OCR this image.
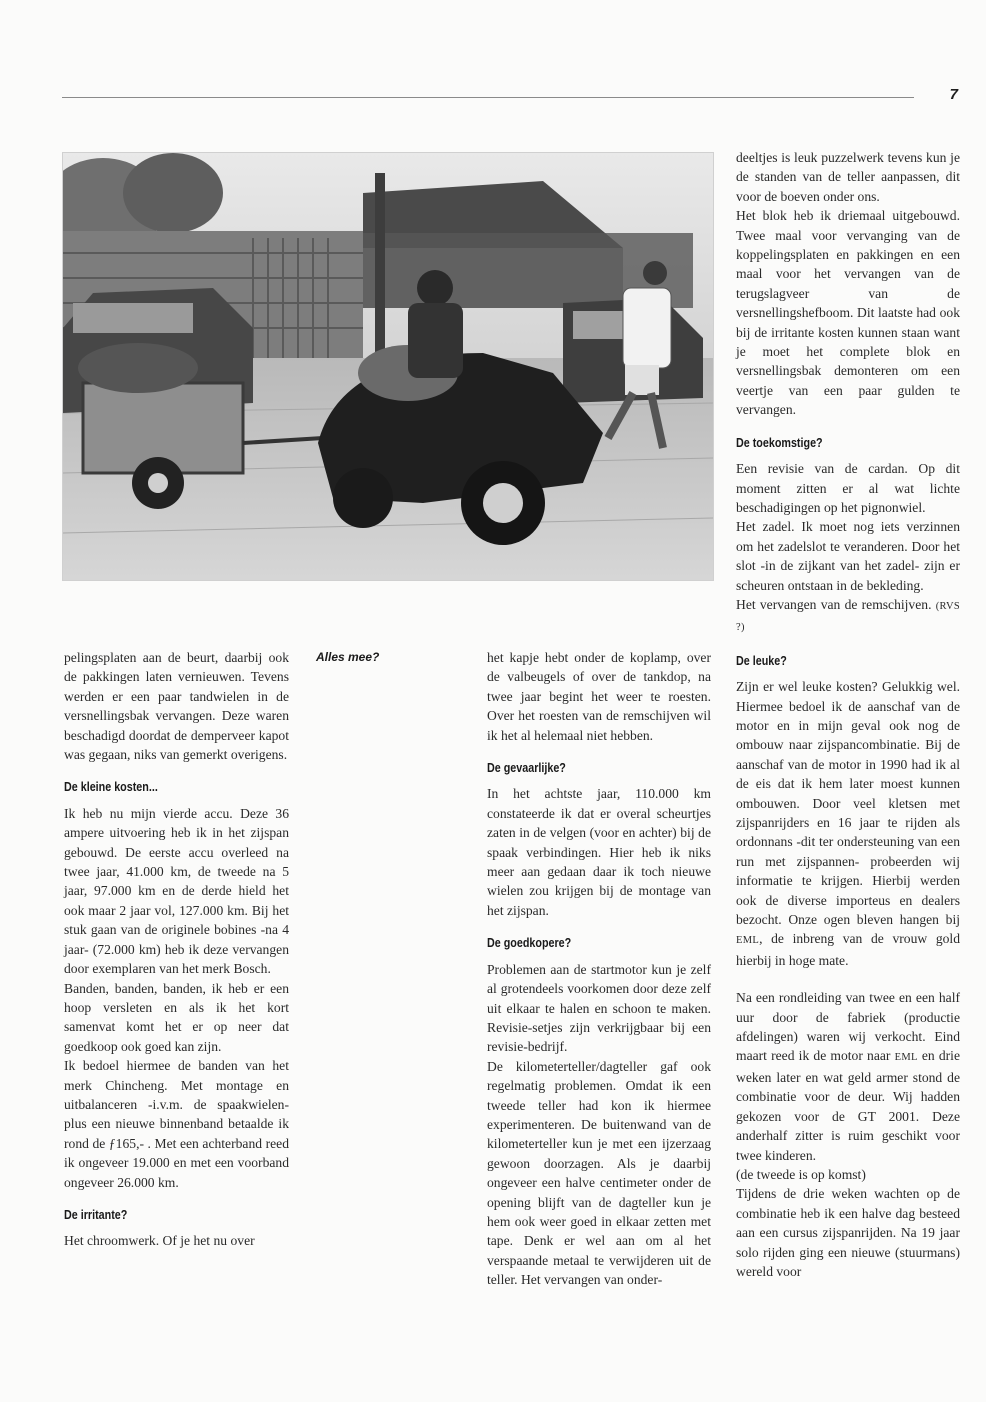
7

pelingsplaten aan de beurt, daarbij ook de pakkingen laten vernieuwen. Tevens werden er een paar tandwielen in de versnellingsbak vervangen. Deze waren beschadigd doordat de demperveer kapot was gegaan, niks van gemerkt overigens.

De kleine kosten...

Ik heb nu mijn vierde accu. Deze 36 ampere uitvoering heb ik in het zijspan gebouwd. De eerste accu overleed na twee jaar, 41.000 km, de tweede na 5 jaar, 97.000 km en de derde hield het ook maar 2 jaar vol, 127.000 km. Bij het stuk gaan van de originele bobines -na 4 jaar- (72.000 km) heb ik deze vervangen door exemplaren van het merk Bosch.

Banden, banden, banden, ik heb er een hoop versleten en als ik het kort samenvat komt het er op neer dat goedkoop ook goed kan zijn.

Ik bedoel hiermee de banden van het merk Chincheng. Met montage en uitbalanceren -i.v.m. de spaakwielen- plus een nieuwe binnenband betaalde ik rond de ƒ165,- . Met een achterband reed ik ongeveer 19.000 en met een voorband ongeveer 26.000 km.

De irritante?

Het chroomwerk. Of je het nu over

Alles mee?	het kapje hebt onder de koplamp, over de valbeugels of over de tankdop, na twee jaar begint het weer te roesten. Over het roesten van de remschijven wil ik het al helemaal niet hebben.

De gevaarlijke?

In het achtste jaar, 110.000 km constateerde ik dat er overal scheurtjes zaten in de velgen (voor en achter) bij de spaak verbindingen. Hier heb ik niks meer aan gedaan daar ik toch nieuwe wielen zou krijgen bij de montage van het zijspan.

De goedkopere?

Problemen aan de startmotor kun je zelf al grotendeels voorkomen door deze zelf uit elkaar te halen en schoon te maken. Revisie-setjes zijn verkrijgbaar bij een revisie-bedrijf.

De kilometerteller/dagteller gaf ook regelmatig problemen. Omdat ik een tweede teller had kon ik hiermee experimenteren. De buitenwand van de kilometerteller kun je met een ijzerzaag gewoon doorzagen. Als je daarbij ongeveer een halve centimeter onder de opening blijft van de dagteller kun je hem ook weer goed in elkaar zetten met tape. Denk er wel aan om al het verspaande metaal te verwijderen uit de teller. Het vervangen van onder-

deeltjes is leuk puzzelwerk tevens kun je de standen van de teller aanpassen, dit voor de boeven onder ons.

Het blok heb ik driemaal uitgebouwd. Twee maal voor vervanging van de koppelingsplaten en pakkingen en een maal voor het vervangen van de terugslagveer van de versnellingshefboom. Dit laatste had ook bij de irritante kosten kunnen staan want je moet het complete blok en versnellingsbak demonteren om een veertje van een paar gulden te vervangen.

De toekomstige?

Een revisie van de cardan. Op dit moment zitten er al wat lichte beschadigingen op het pignonwiel.

Het zadel. Ik moet nog iets verzinnen om het zadelslot te veranderen. Door het slot -in de zijkant van het zadel- zijn er scheuren ontstaan in de bekleding.

Het vervangen van de remschijven. (RVS ?)

De leuke?

Zijn er wel leuke kosten? Gelukkig wel. Hiermee bedoel ik de aanschaf van de motor en in mijn geval ook nog de ombouw naar zijspancombinatie. Bij de aanschaf van de motor in 1990 had ik al de eis dat ik hem later moest kunnen ombouwen. Door veel kletsen met zijspanrijders en 16 jaar te rijden als ordonnans -dit ter ondersteuning van een run met zijspannen- probeerden wij informatie te krijgen. Hierbij werden ook de diverse importeus en dealers bezocht. Onze ogen bleven hangen bij EML, de inbreng van de vrouw gold hierbij in hoge mate.

Na een rondleiding van twee en een half uur door de fabriek (productie afdelingen) waren wij verkocht. Eind maart reed ik de motor naar EML en drie weken later en wat geld armer stond de combinatie voor de deur. Wij hadden gekozen voor de GT 2001. Deze anderhalf zitter is ruim geschikt voor twee kinderen.

(de tweede is op komst)

Tijdens de drie weken wachten op de combinatie heb ik een halve dag besteed aan een cursus zijspanrijden. Na 19 jaar solo rijden ging een nieuwe (stuurmans) wereld voor
